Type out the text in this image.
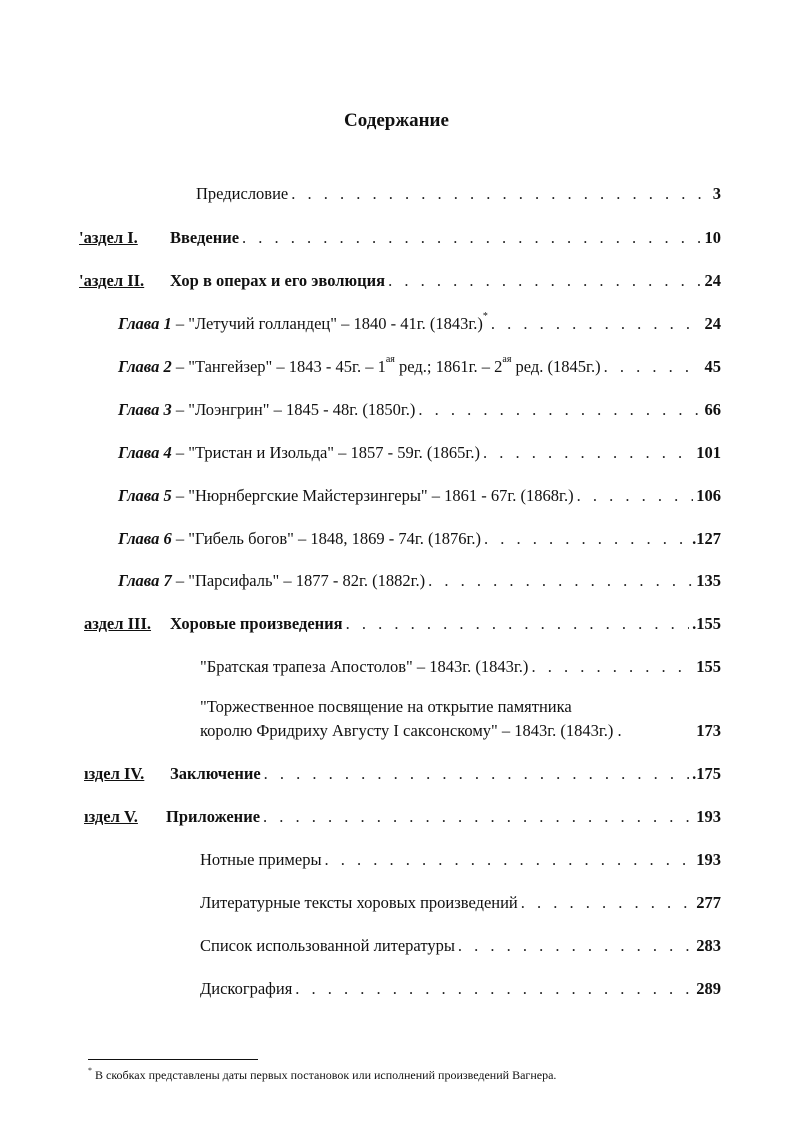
Содержание
Предисловие . . .	3
'аздел I. Введение . . .	10
'аздел II. Хор в операх и его эволюция . . .	24
Глава 1 – "Летучий голландец" – 1840 - 41г. (1843г.)* . . .	24
Глава 2 – "Тангейзер" – 1843 - 45г. – $1^{ая}$ ред.; 1861г. – $2^{ая}$ ред. (1845г.) . . .	45
Глава 3 – "Лоэнгрин" – 1845 - 48г. (1850г.) . . .	66
Глава 4 – "Тристан и Изольда" – 1857 - 59г. (1865г.) . . .	101
Глава 5 – "Нюрнбергские Майстерзингеры" – 1861 - 67г. (1868г.) . . .	106
Глава 6 – "Гибель богов" – 1848, 1869 - 74г. (1876г.) . . .	.127
Глава 7 – "Парсифаль" – 1877 - 82г. (1882г.) . . .	135
аздел III. Хоровые произведения . . .	.155
"Братская трапеза Апостолов" – 1843г. (1843г.) . . .	155
"Торжественное посвящение на открытие памятника
королю Фридриху Августу I саксонскому" – 1843г. (1843г.) .	173
ıздел IV. Заключение . . .	.175
ıздел V. Приложение . . .	193
Нотные примеры . . .	193
Литературные тексты хоровых произведений . . .	277
Список использованной литературы . . .	283
Дискография . . .	289
* В скобках представлены даты первых постановок или исполнений произведений Вагнера.
